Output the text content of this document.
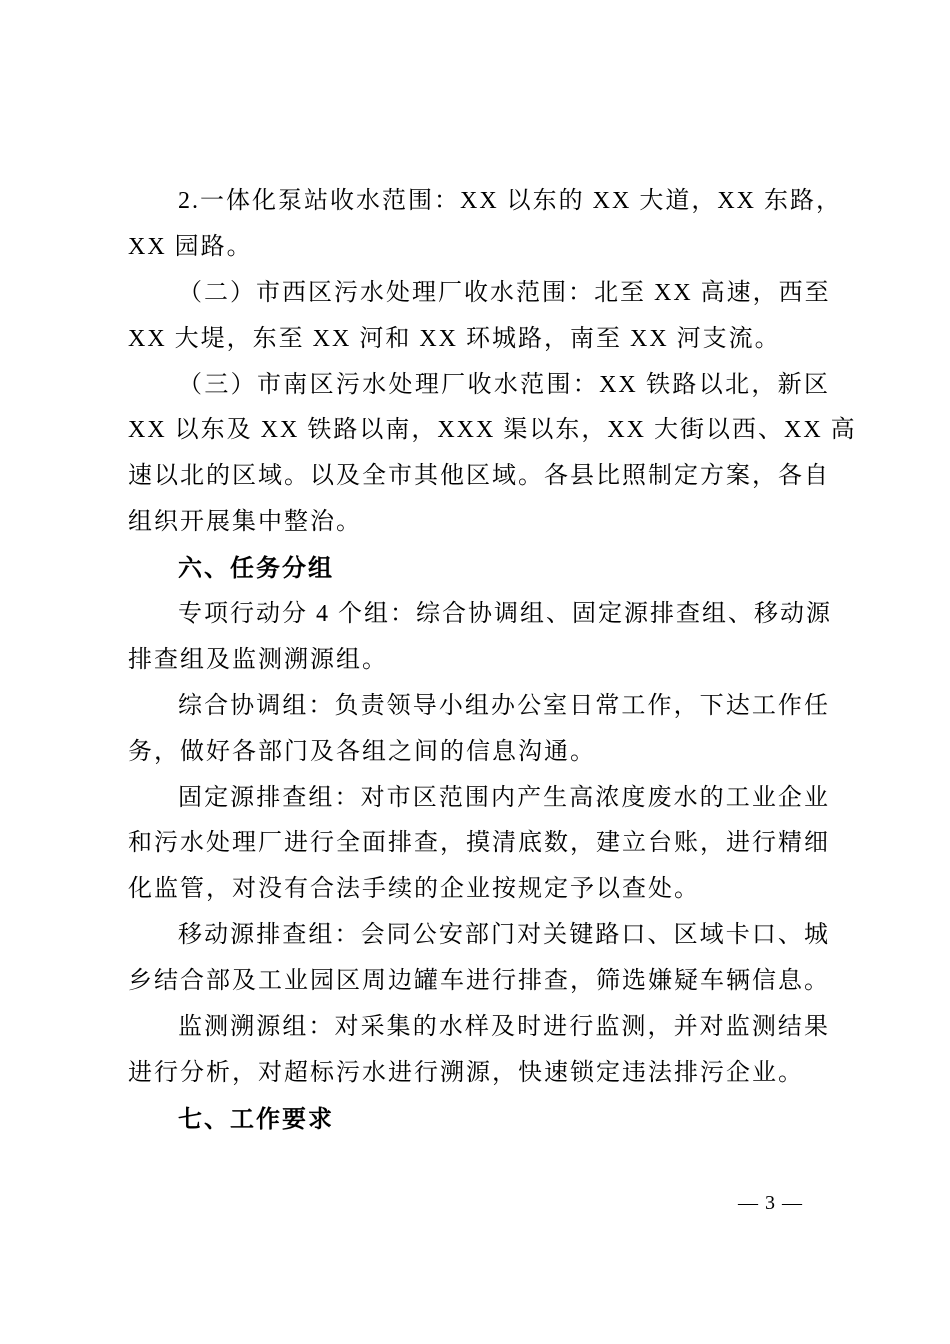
2.一体化泵站收水范围：XX 以东的 XX 大道，XX 东路，
XX 园路。
（二）市西区污水处理厂收水范围：北至 XX 高速，西至
XX 大堤，东至 XX 河和 XX 环城路，南至 XX 河支流。
（三）市南区污水处理厂收水范围：XX 铁路以北，新区
XX 以东及 XX 铁路以南，XXX 渠以东，XX 大街以西、XX 高
速以北的区域。以及全市其他区域。各县比照制定方案，各自
组织开展集中整治。
六、任务分组
专项行动分 4 个组：综合协调组、固定源排查组、移动源
排查组及监测溯源组。
综合协调组：负责领导小组办公室日常工作，下达工作任
务，做好各部门及各组之间的信息沟通。
固定源排查组：对市区范围内产生高浓度废水的工业企业
和污水处理厂进行全面排查，摸清底数，建立台账，进行精细
化监管，对没有合法手续的企业按规定予以查处。
移动源排查组：会同公安部门对关键路口、区域卡口、城
乡结合部及工业园区周边罐车进行排查，筛选嫌疑车辆信息。
监测溯源组：对采集的水样及时进行监测，并对监测结果
进行分析，对超标污水进行溯源，快速锁定违法排污企业。
七、工作要求
— 3 —
